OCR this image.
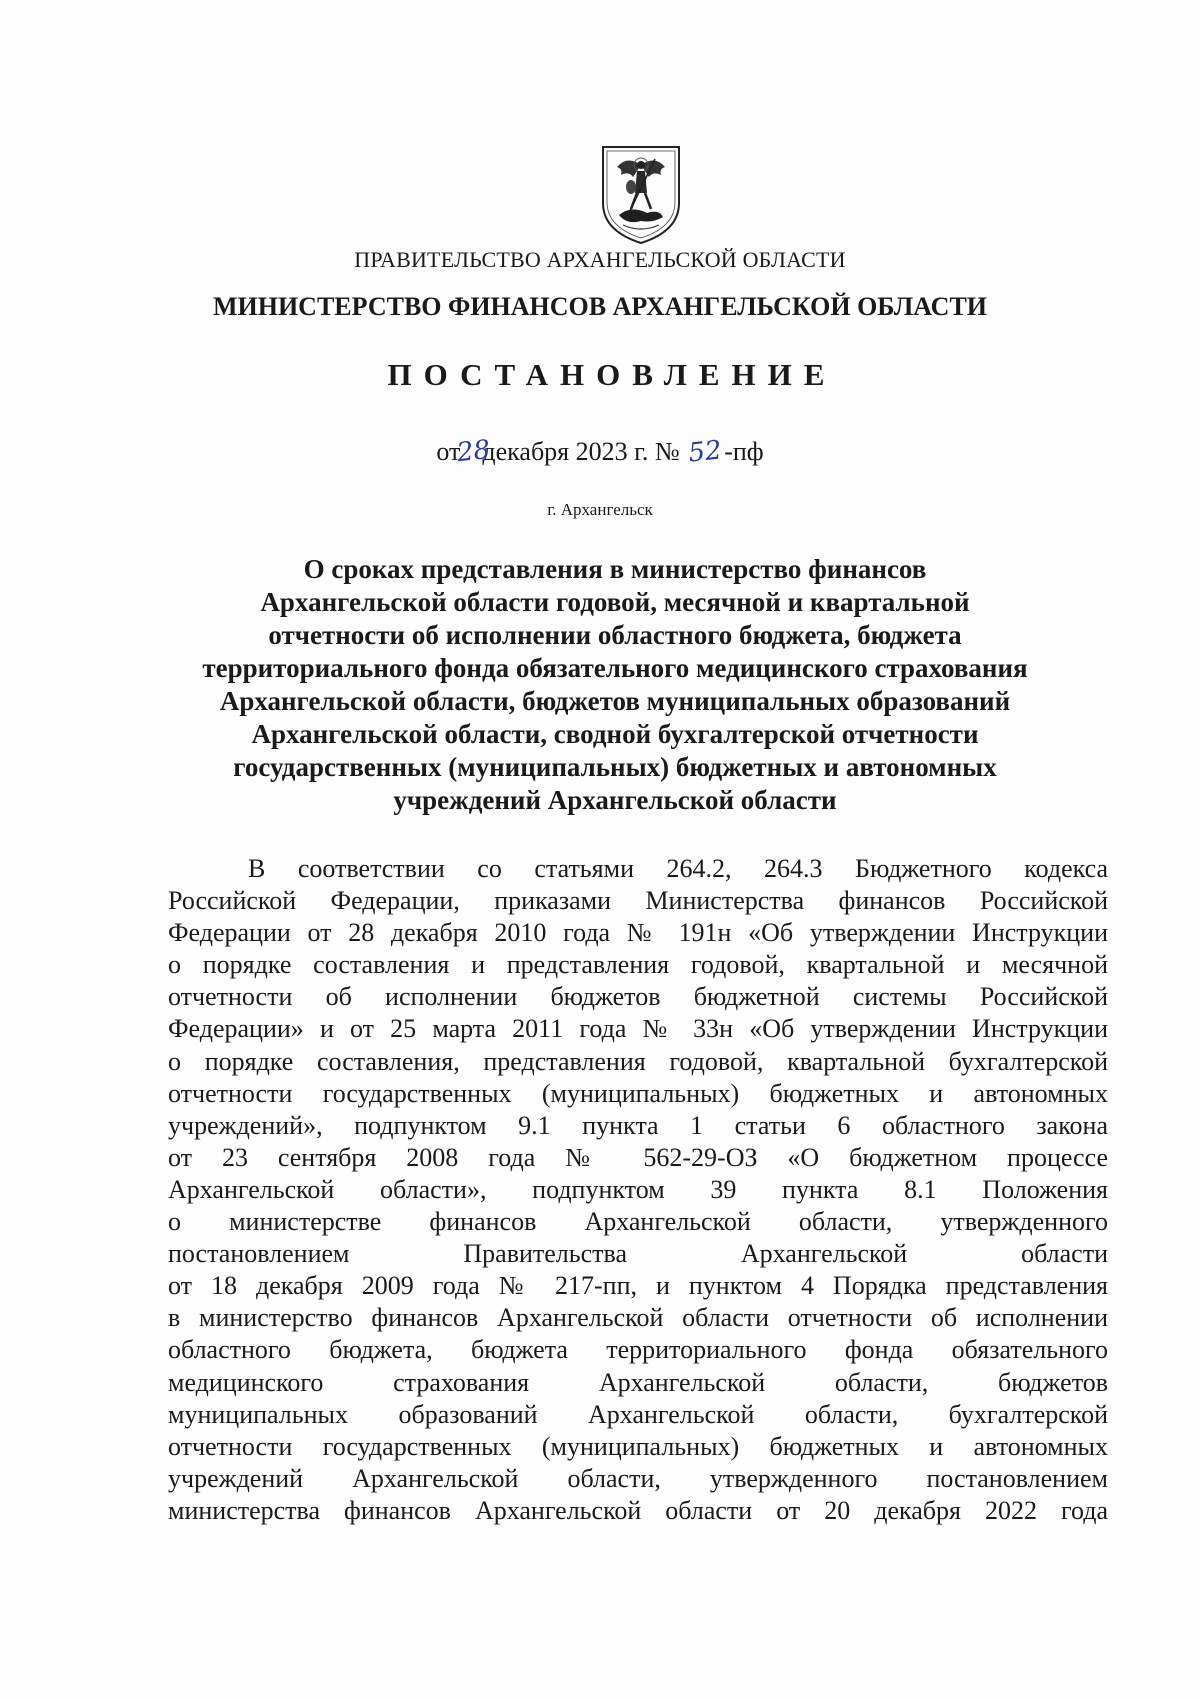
ПРАВИТЕЛЬСТВО АРХАНГЕЛЬСКОЙ ОБЛАСТИ
МИНИСТЕРСТВО ФИНАНСОВ АРХАНГЕЛЬСКОЙ ОБЛАСТИ
ПОСТАНОВЛЕНИЕ
от28декабря 2023 г. № 52-пф
г. Архангельск
О сроках представления в министерство финансов
Архангельской области годовой, месячной и квартальной
отчетности об исполнении областного бюджета, бюджета
территориального фонда обязательного медицинского страхования
Архангельской области, бюджетов муниципальных образований
Архангельской области, сводной бухгалтерской отчетности
государственных (муниципальных) бюджетных и автономных
учреждений Архангельской области
В соответствии со статьями 264.2, 264.3 Бюджетного кодекса
Российской Федерации, приказами Министерства финансов Российской
Федерации от 28 декабря 2010 года № 191н «Об утверждении Инструкции
о порядке составления и представления годовой, квартальной и месячной
отчетности об исполнении бюджетов бюджетной системы Российской
Федерации» и от 25 марта 2011 года № 33н «Об утверждении Инструкции
о порядке составления, представления годовой, квартальной бухгалтерской
отчетности государственных (муниципальных) бюджетных и автономных
учреждений», подпунктом 9.1 пункта 1 статьи 6 областного закона
от 23 сентября 2008 года № 562-29-ОЗ «О бюджетном процессе
Архангельской области», подпунктом 39 пункта 8.1 Положения
о министерстве финансов Архангельской области, утвержденного
постановлением Правительства Архангельской области
от 18 декабря 2009 года № 217-пп, и пунктом 4 Порядка представления
в министерство финансов Архангельской области отчетности об исполнении
областного бюджета, бюджета территориального фонда обязательного
медицинского страхования Архангельской области, бюджетов
муниципальных образований Архангельской области, бухгалтерской
отчетности государственных (муниципальных) бюджетных и автономных
учреждений Архангельской области, утвержденного постановлением
министерства финансов Архангельской области от 20 декабря 2022 года
